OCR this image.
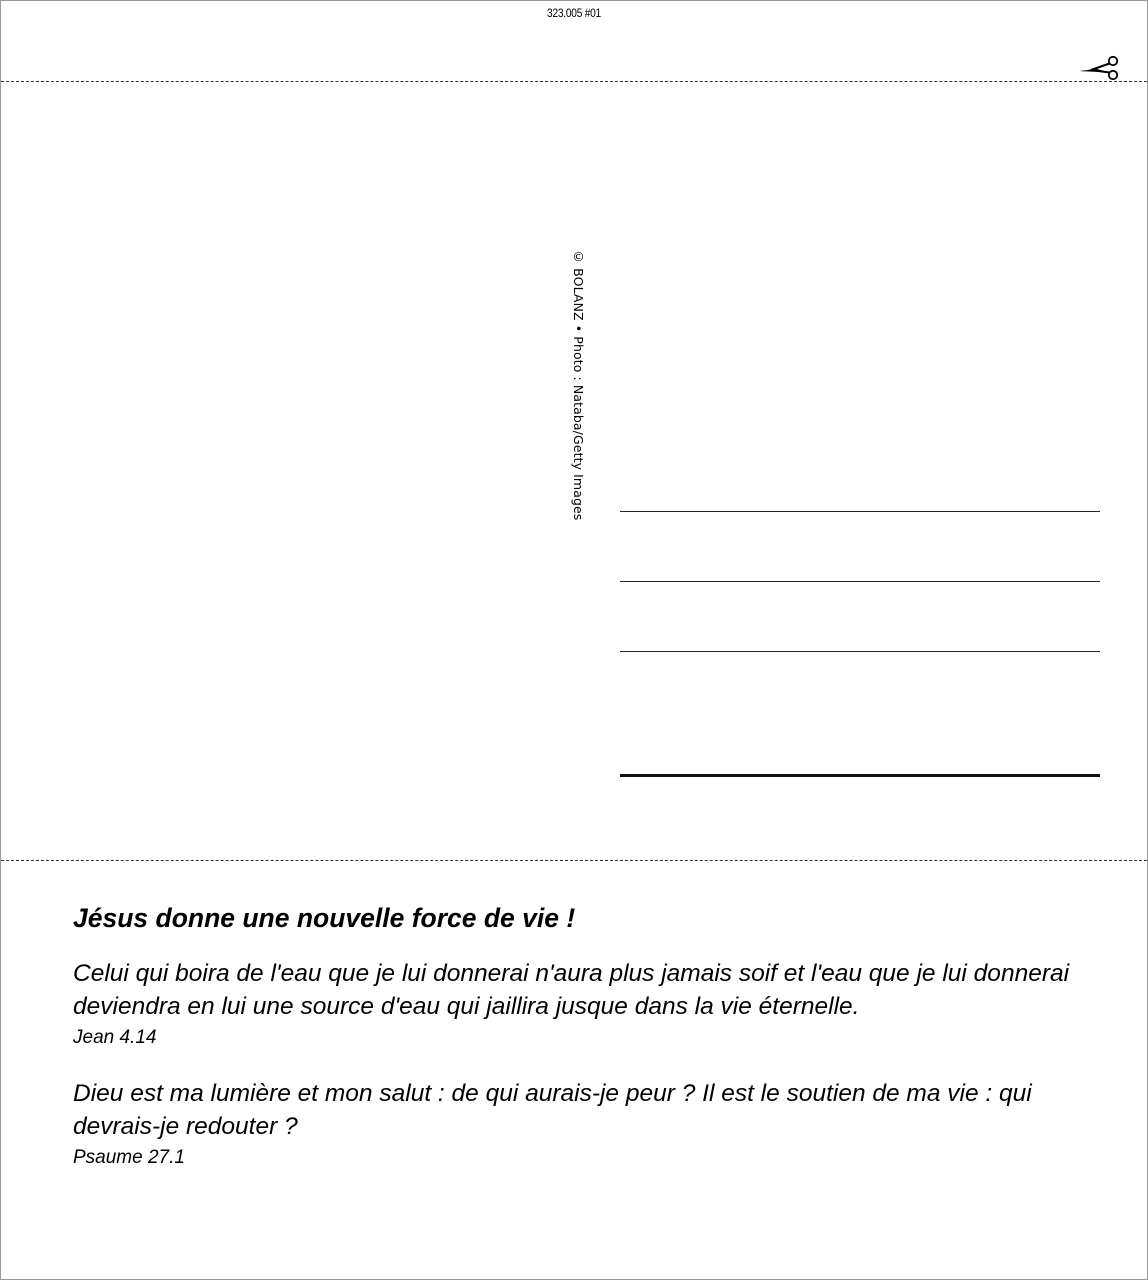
323.005 #01
© BOLANZ • Photo : Nataba/Getty Images
Jésus donne une nouvelle force de vie !

Celui qui boira de l'eau que je lui donnerai n'aura plus jamais soif et l'eau que je lui donnerai deviendra en lui une source d'eau qui jaillira jusque dans la vie éternelle.

Jean 4.14

Dieu est ma lumière et mon salut : de qui aurais-je peur ? Il est le soutien de ma vie : qui devrais-je redouter ?

Psaume 27.1
